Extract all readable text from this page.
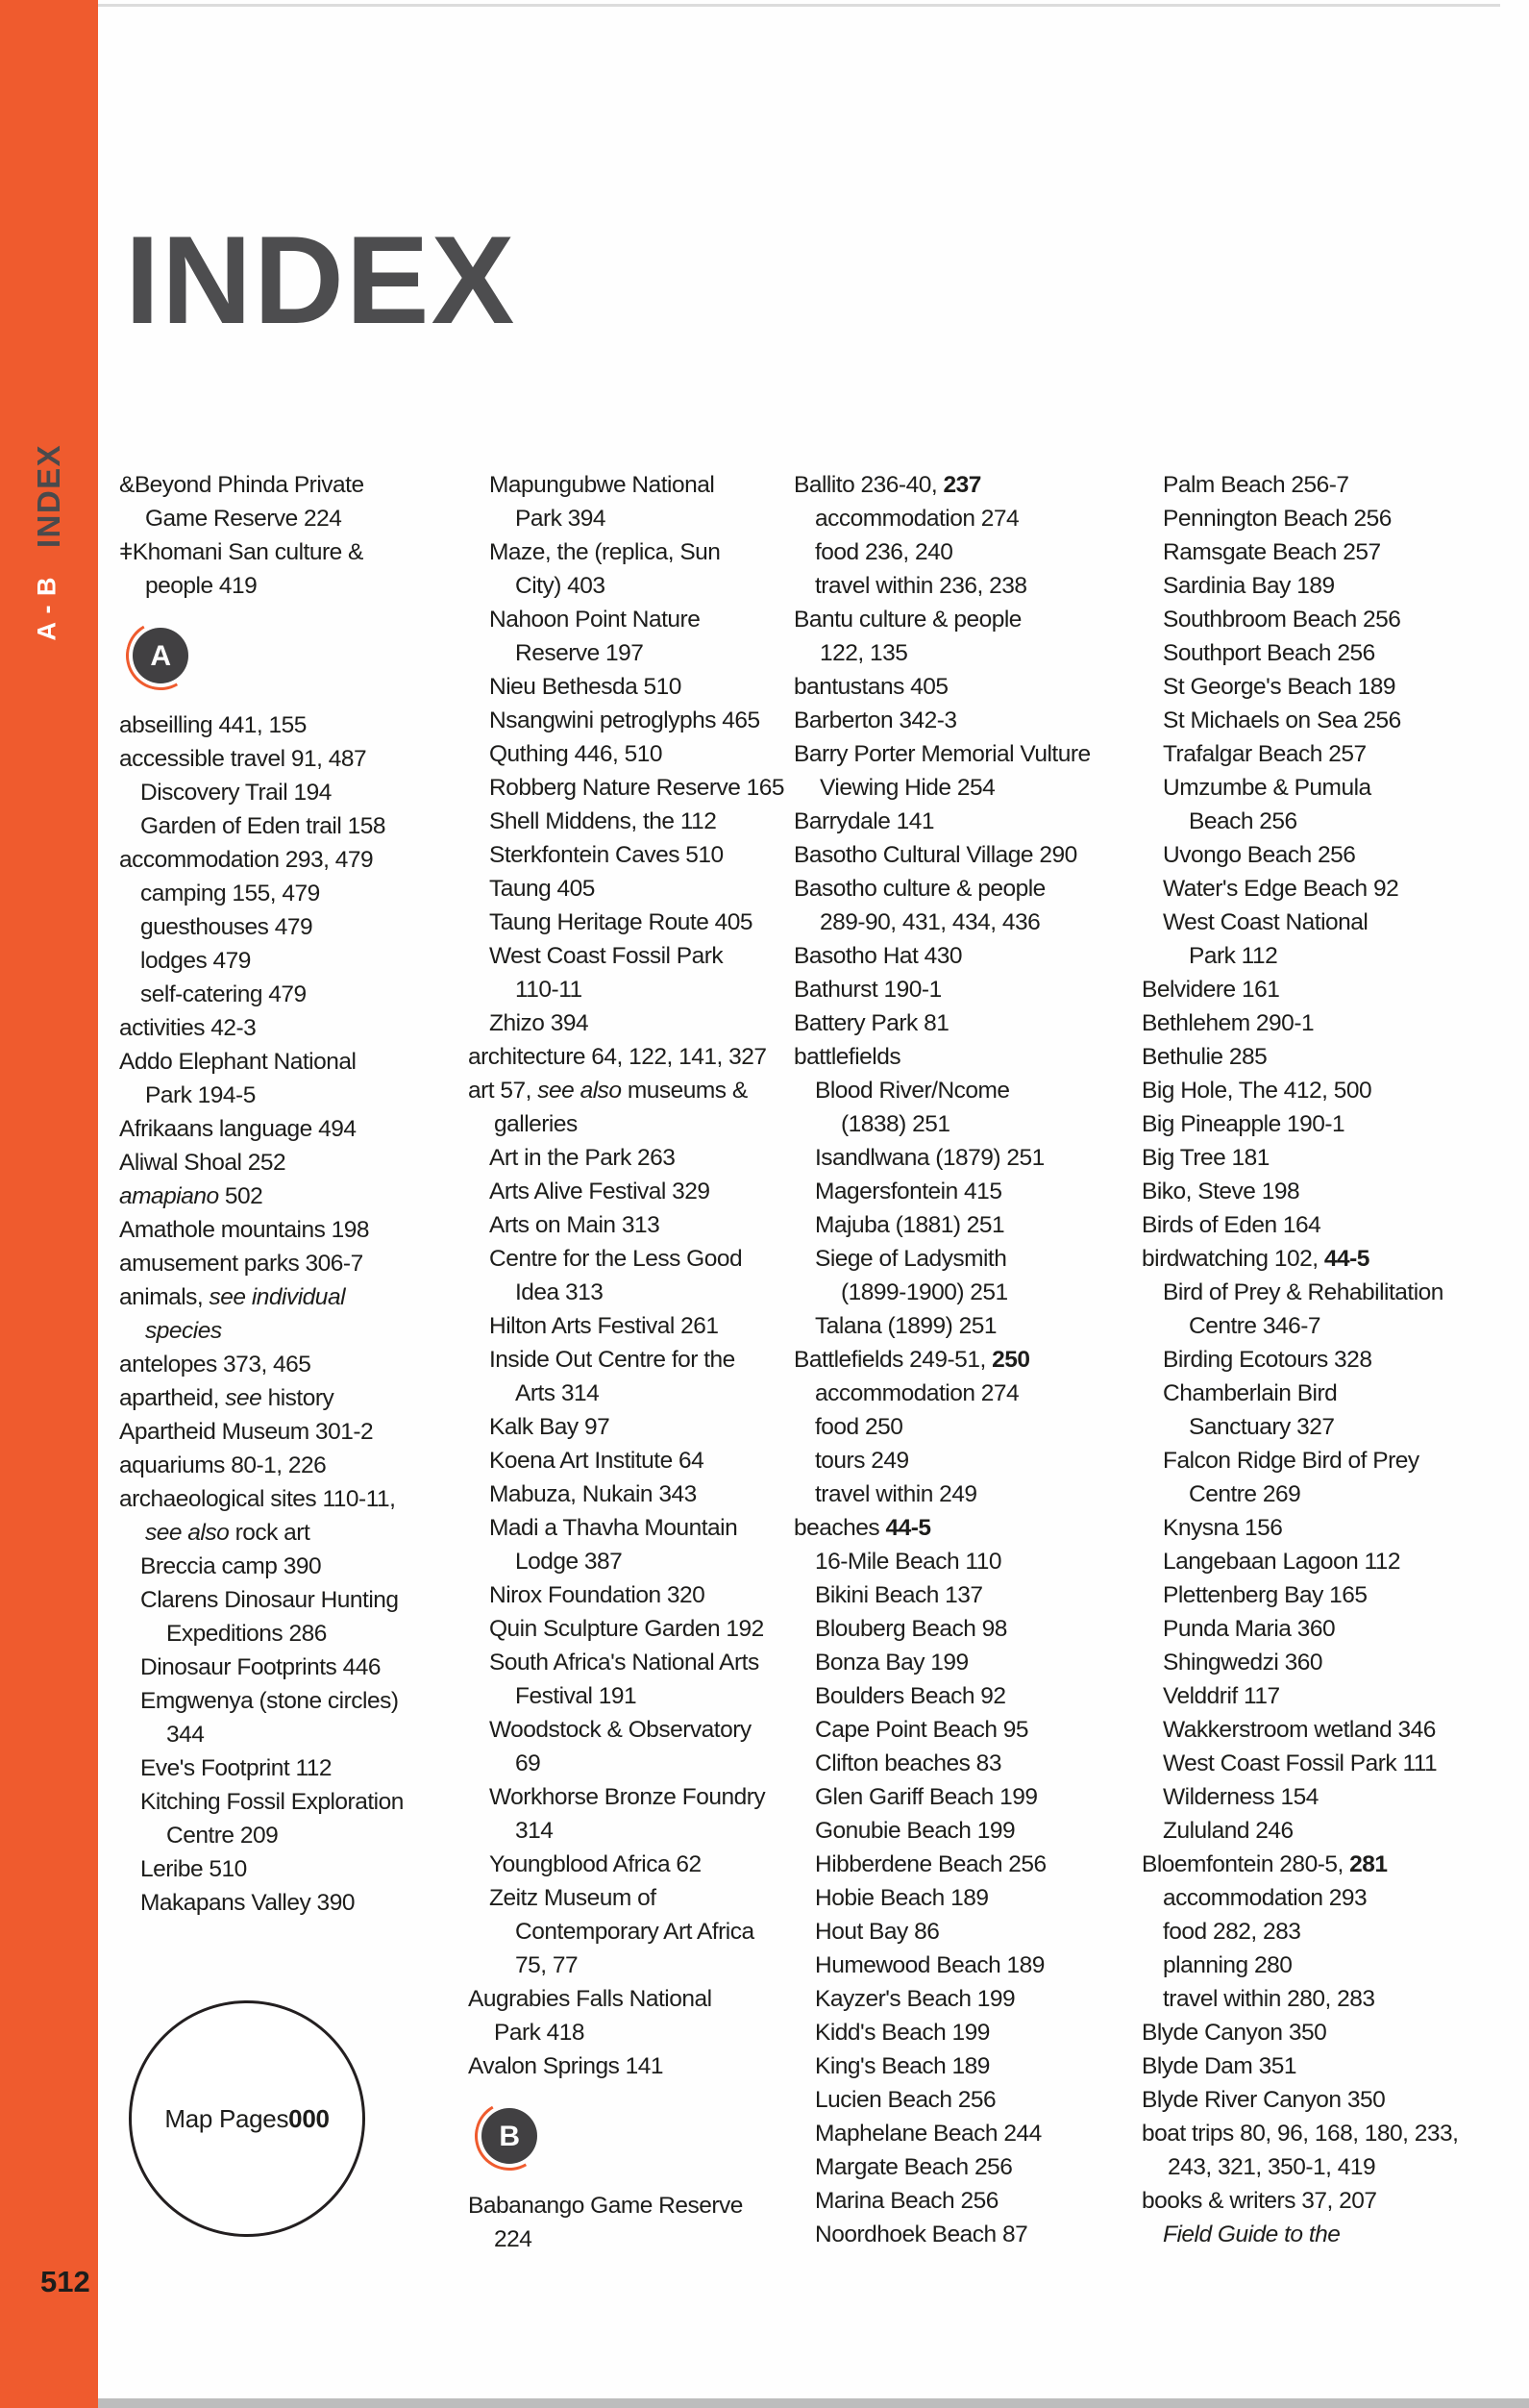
INDEX
A - B
INDEX
&Beyond Phinda Private
Game Reserve 224
ǂKhomani San culture &
people 419
A
abseilling 441, 155
accessible travel 91, 487
Discovery Trail 194
Garden of Eden trail 158
accommodation 293, 479
camping 155, 479
guesthouses 479
lodges 479
self-catering 479
activities 42-3
Addo Elephant National
Park 194-5
Afrikaans language 494
Aliwal Shoal 252
amapiano 502
Amathole mountains 198
amusement parks 306-7
animals, see individual
species
antelopes 373, 465
apartheid, see history
Apartheid Museum 301-2
aquariums 80-1, 226
archaeological sites 110-11,
see also rock art
Breccia camp 390
Clarens Dinosaur Hunting
Expeditions 286
Dinosaur Footprints 446
Emgwenya (stone circles)
344
Eve's Footprint 112
Kitching Fossil Exploration
Centre 209
Leribe 510
Makapans Valley 390
Map Pages 000
Mapungubwe National
Park 394
Maze, the (replica, Sun
City) 403
Nahoon Point Nature
Reserve 197
Nieu Bethesda 510
Nsangwini petroglyphs 465
Quthing 446, 510
Robberg Nature Reserve 165
Shell Middens, the 112
Sterkfontein Caves 510
Taung 405
Taung Heritage Route 405
West Coast Fossil Park
110-11
Zhizo 394
architecture 64, 122, 141, 327
art 57, see also museums &
galleries
Art in the Park 263
Arts Alive Festival 329
Arts on Main 313
Centre for the Less Good
Idea 313
Hilton Arts Festival 261
Inside Out Centre for the
Arts 314
Kalk Bay 97
Koena Art Institute 64
Mabuza, Nukain 343
Madi a Thavha Mountain
Lodge 387
Nirox Foundation 320
Quin Sculpture Garden 192
South Africa's National Arts
Festival 191
Woodstock & Observatory
69
Workhorse Bronze Foundry
314
Youngblood Africa 62
Zeitz Museum of
Contemporary Art Africa
75, 77
Augrabies Falls National
Park 418
Avalon Springs 141
B
Babanango Game Reserve
224
Ballito 236-40, 237
accommodation 274
food 236, 240
travel within 236, 238
Bantu culture & people
122, 135
bantustans 405
Barberton 342-3
Barry Porter Memorial Vulture
Viewing Hide 254
Barrydale 141
Basotho Cultural Village 290
Basotho culture & people
289-90, 431, 434, 436
Basotho Hat 430
Bathurst 190-1
Battery Park 81
battlefields
Blood River/Ncome
(1838) 251
Isandlwana (1879) 251
Magersfontein 415
Majuba (1881) 251
Siege of Ladysmith
(1899-1900) 251
Talana (1899) 251
Battlefields 249-51, 250
accommodation 274
food 250
tours 249
travel within 249
beaches 44-5
16-Mile Beach 110
Bikini Beach 137
Blouberg Beach 98
Bonza Bay 199
Boulders Beach 92
Cape Point Beach 95
Clifton beaches 83
Glen Gariff Beach 199
Gonubie Beach 199
Hibberdene Beach 256
Hobie Beach 189
Hout Bay 86
Humewood Beach 189
Kayzer's Beach 199
Kidd's Beach 199
King's Beach 189
Lucien Beach 256
Maphelane Beach 244
Margate Beach 256
Marina Beach 256
Noordhoek Beach 87
Palm Beach 256-7
Pennington Beach 256
Ramsgate Beach 257
Sardinia Bay 189
Southbroom Beach 256
Southport Beach 256
St George's Beach 189
St Michaels on Sea 256
Trafalgar Beach 257
Umzumbe & Pumula
Beach 256
Uvongo Beach 256
Water's Edge Beach 92
West Coast National
Park 112
Belvidere 161
Bethlehem 290-1
Bethulie 285
Big Hole, The 412, 500
Big Pineapple 190-1
Big Tree 181
Biko, Steve 198
Birds of Eden 164
birdwatching 102, 44-5
Bird of Prey & Rehabilitation
Centre 346-7
Birding Ecotours 328
Chamberlain Bird
Sanctuary 327
Falcon Ridge Bird of Prey
Centre 269
Knysna 156
Langebaan Lagoon 112
Plettenberg Bay 165
Punda Maria 360
Shingwedzi 360
Velddrif 117
Wakkerstroom wetland 346
West Coast Fossil Park 111
Wilderness 154
Zululand 246
Bloemfontein 280-5, 281
accommodation 293
food 282, 283
planning 280
travel within 280, 283
Blyde Canyon 350
Blyde Dam 351
Blyde River Canyon 350
boat trips 80, 96, 168, 180, 233,
243, 321, 350-1, 419
books & writers 37, 207
Field Guide to the
512
